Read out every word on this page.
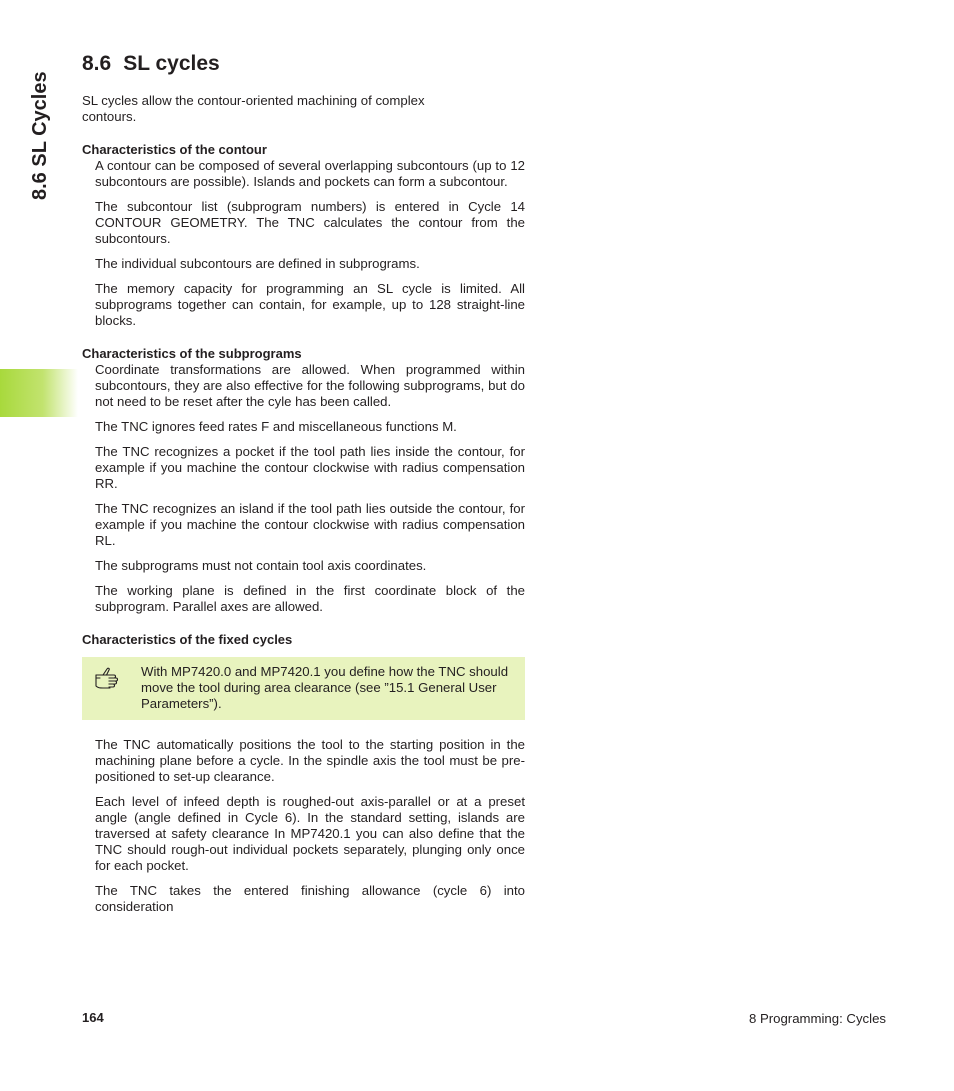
8.6 SL Cycles
8.6 SL cycles

SL cycles allow the contour-oriented machining of complex contours.

Characteristics of the contour

A contour can be composed of several overlapping subcontours (up to 12 subcontours are possible). Islands and pockets can form a subcontour.

The subcontour list (subprogram numbers) is entered in Cycle 14 CONTOUR GEOMETRY. The TNC calculates the contour from the subcontours.

The individual subcontours are defined in subprograms.

The memory capacity for programming an SL cycle is limited. All subprograms together can contain, for example, up to 128 straight-line blocks.

Characteristics of the subprograms

Coordinate transformations are allowed. When programmed within subcontours, they are also effective for the following subprograms, but do not need to be reset after the cyle has been called.

The TNC ignores feed rates F and miscellaneous functions M.

The TNC recognizes a pocket if the tool path lies inside the contour, for example if you machine the contour clockwise with radius compensation RR.

The TNC recognizes an island if the tool path lies outside the contour, for example if you machine the contour clockwise with radius compensation RL.

The subprograms must not contain tool axis coordinates.

The working plane is defined in the first coordinate block of the subprogram. Parallel axes are allowed.

Characteristics of the fixed cycles

With MP7420.0 and MP7420.1 you define how the TNC should move the tool during area clearance (see ”15.1 General User Parameters”).

The TNC automatically positions the tool to the starting position in the machining plane before a cycle. In the spindle axis the tool must be pre-positioned to set-up clearance.

Each level of infeed depth is roughed-out axis-parallel or at a preset angle (angle defined in Cycle 6). In the standard setting, islands are traversed at safety clearance In MP7420.1 you can also define that the TNC should rough-out individual pockets separately, plunging only once for each pocket.

The TNC takes the entered finishing allowance (cycle 6) into consideration

164	8 Programming: Cycles
